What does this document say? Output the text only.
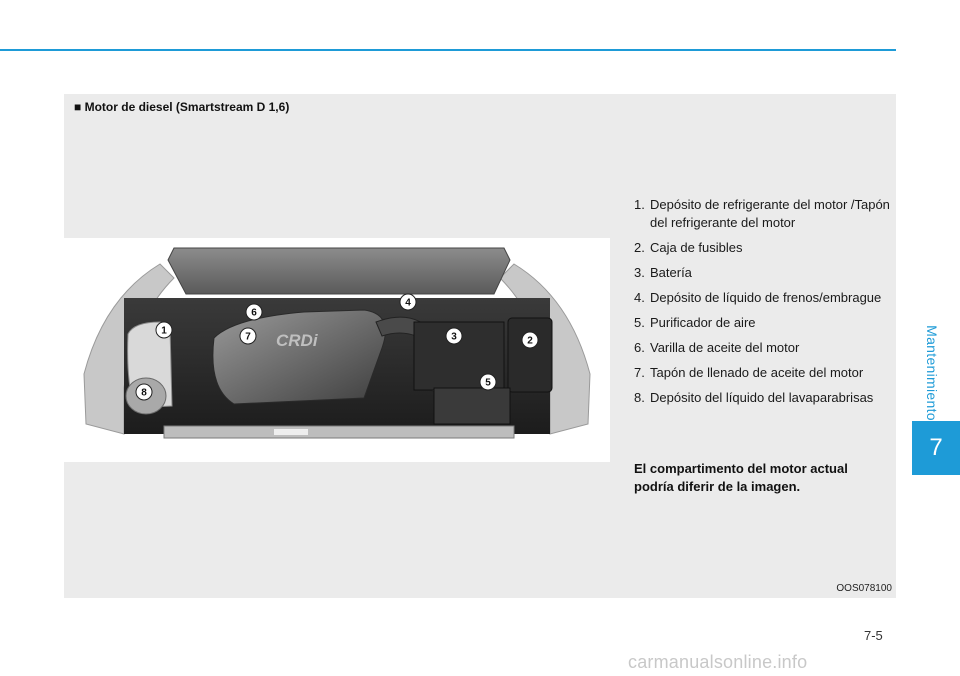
Mantenimiento
7
■ Motor de diesel (Smartstream D 1,6)
CRDi
1
2
3
4
5
6
7
8
1. Depósito de refrigerante del motor /Tapón del refrigerante del motor
2. Caja de fusibles
3. Batería
4. Depósito de líquido de frenos/embrague
5. Purificador de aire
6. Varilla de aceite del motor
7. Tapón de llenado de aceite del motor
8. Depósito del líquido del lavaparabrisas
El compartimento del motor actual podría diferir de la imagen.
OOS078100
7-5
carmanualsonline.info
